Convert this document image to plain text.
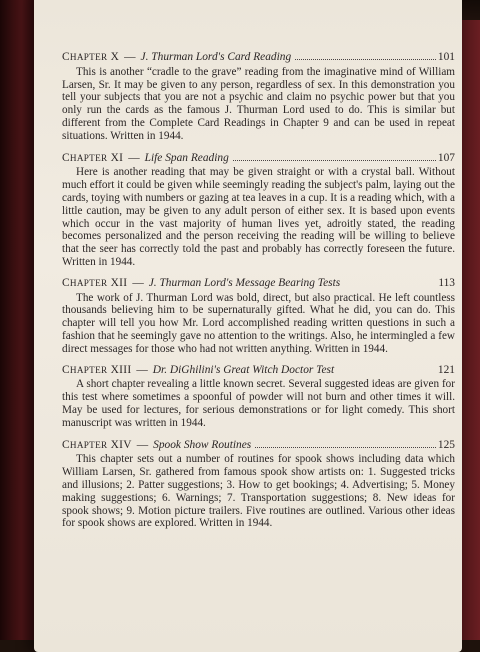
CHAPTER X — J. Thurman Lord's Card Reading	101

This is another “cradle to the grave” reading from the imaginative mind of William Larsen, Sr. It may be given to any person, regardless of sex. In this demonstration you tell your subjects that you are not a psychic and claim no psychic power but that you only run the cards as the famous J. Thurman Lord used to do. This is similar but different from the Complete Card Readings in Chapter 9 and can be used in repeat situations. Written in 1944.

CHAPTER XI — Life Span Reading	107

Here is another reading that may be given straight or with a crystal ball. Without much effort it could be given while seemingly reading the subject's palm, laying out the cards, toying with numbers or gazing at tea leaves in a cup. It is a reading which, with a little caution, may be given to any adult person of either sex. It is based upon events which occur in the vast majority of human lives yet, adroitly stated, the reading becomes personalized and the person receiving the reading will be willing to believe that the seer has correctly told the past and probably has correctly foreseen the future. Written in 1944.

CHAPTER XII — J. Thurman Lord's Message Bearing Tests	113

The work of J. Thurman Lord was bold, direct, but also practical. He left countless thousands believing him to be supernaturally gifted. What he did, you can do. This chapter will tell you how Mr. Lord accomplished reading written questions in such a fashion that he seemingly gave no attention to the writings. Also, he intermingled a few direct messages for those who had not written anything. Written in 1944.

CHAPTER XIII — Dr. DiGhilini's Great Witch Doctor Test	121

A short chapter revealing a little known secret. Several suggested ideas are given for this test where sometimes a spoonful of powder will not burn and other times it will. May be used for lectures, for serious demonstrations or for light comedy. This short manuscript was written in 1944.

CHAPTER XIV — Spook Show Routines	125

This chapter sets out a number of routines for spook shows including data which William Larsen, Sr. gathered from famous spook show artists on: 1. Suggested tricks and illusions; 2. Patter suggestions; 3. How to get bookings; 4. Advertising; 5. Money making suggestions; 6. Warnings; 7. Transportation suggestions; 8. New ideas for spook shows; 9. Motion picture trailers. Five routines are outlined. Various other ideas for spook shows are explored. Written in 1944.
